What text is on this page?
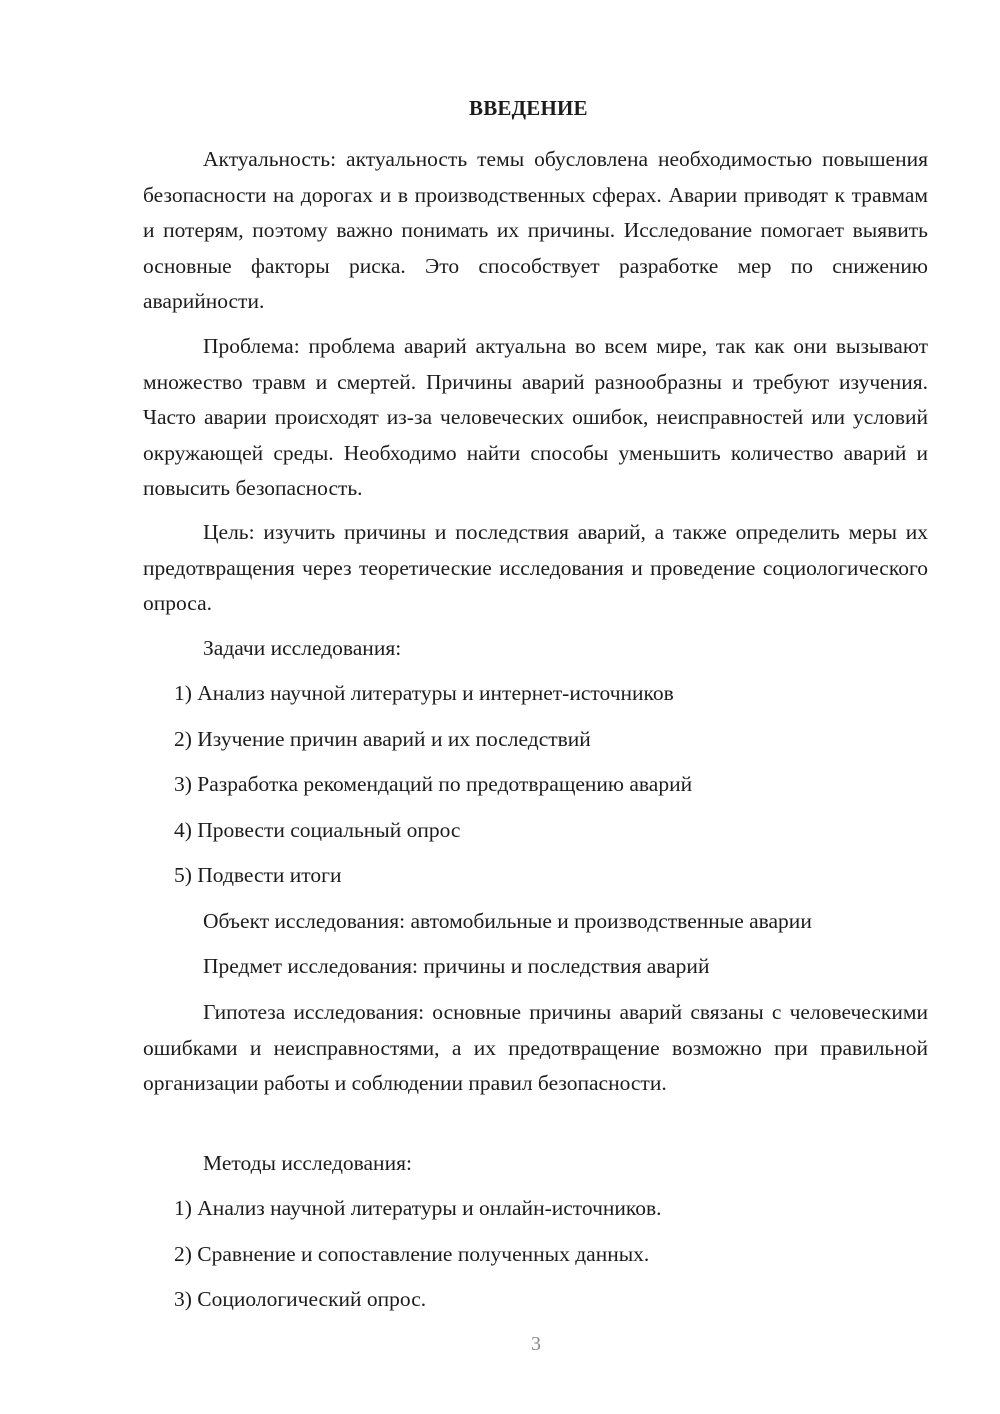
ВВЕДЕНИЕ

Актуальность: актуальность темы обусловлена необходимостью повышения безопасности на дорогах и в производственных сферах. Аварии приводят к травмам и потерям, поэтому важно понимать их причины. Исследование помогает выявить основные факторы риска. Это способствует разработке мер по снижению аварийности.

Проблема: проблема аварий актуальна во всем мире, так как они вызывают множество травм и смертей. Причины аварий разнообразны и требуют изучения. Часто аварии происходят из-за человеческих ошибок, неисправностей или условий окружающей среды. Необходимо найти способы уменьшить количество аварий и повысить безопасность.

Цель: изучить причины и последствия аварий, а также определить меры их предотвращения через теоретические исследования и проведение социологического опроса.

Задачи исследования:

1) Анализ научной литературы и интернет-источников

2) Изучение причин аварий и их последствий

3) Разработка рекомендаций по предотвращению аварий

4) Провести социальный опрос

5) Подвести итоги

Объект исследования: автомобильные и производственные аварии

Предмет исследования: причины и последствия аварий

Гипотеза исследования: основные причины аварий связаны с человеческими ошибками и неисправностями, а их предотвращение возможно при правильной организации работы и соблюдении правил безопасности.

Методы исследования:

1) Анализ научной литературы и онлайн-источников.

2) Сравнение и сопоставление полученных данных.

3) Социологический опрос.

3
